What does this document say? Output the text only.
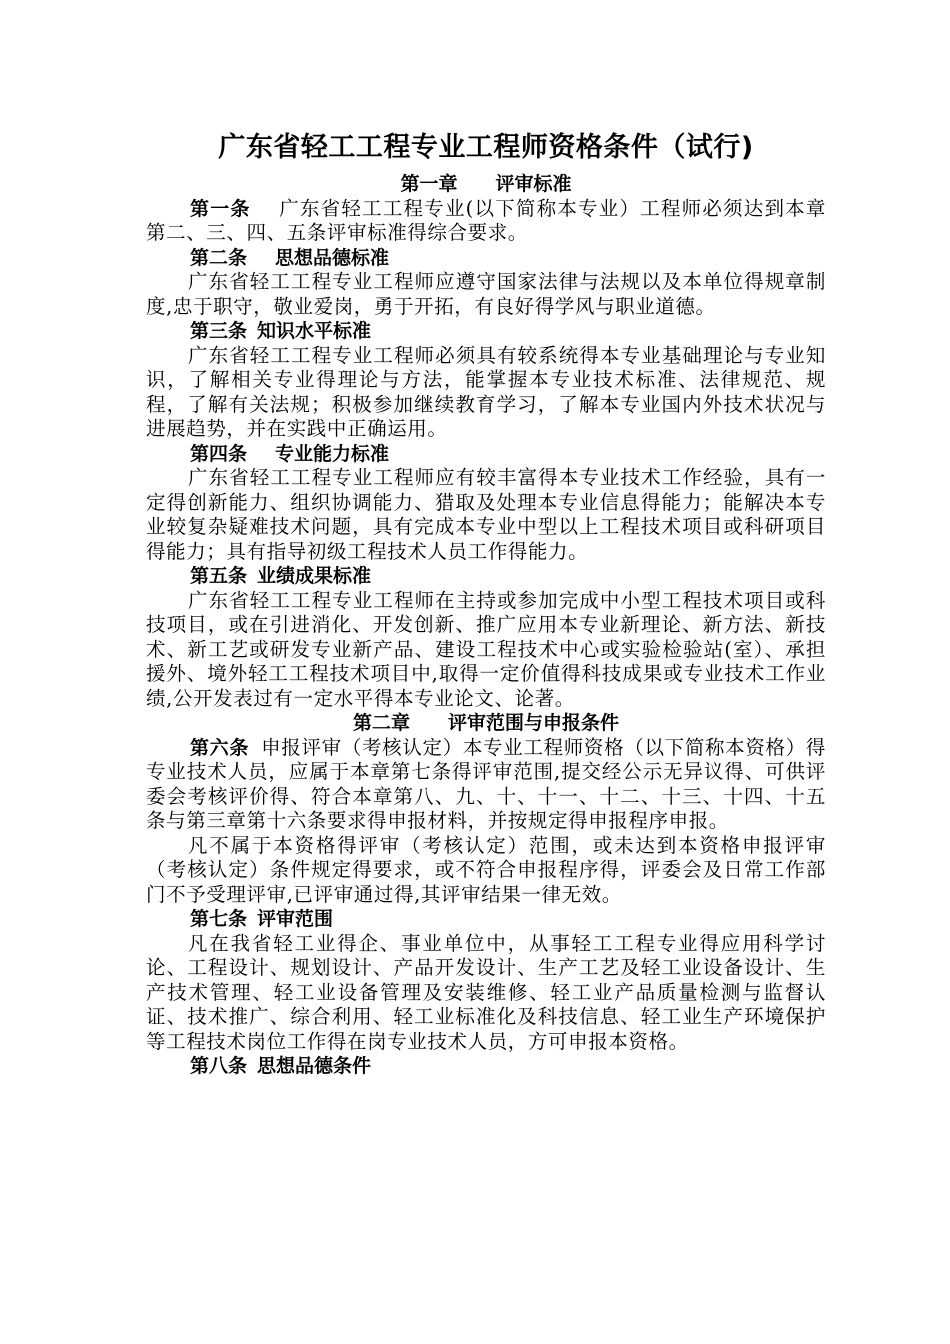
广东省轻工工程专业工程师资格条件（试行)
第一章 评审标准

第一条 广东省轻工工程专业(以下简称本专业）工程师必须达到本章第二、三、四、五条评审标准得综合要求。

第二条 思想品德标准

广东省轻工工程专业工程师应遵守国家法律与法规以及本单位得规章制度,忠于职守，敬业爱岗，勇于开拓，有良好得学风与职业道德。

第三条 知识水平标准

广东省轻工工程专业工程师必须具有较系统得本专业基础理论与专业知识，了解相关专业得理论与方法，能掌握本专业技术标准、法律规范、规程，了解有关法规；积极参加继续教育学习，了解本专业国内外技术状况与进展趋势，并在实践中正确运用。

第四条 专业能力标准

广东省轻工工程专业工程师应有较丰富得本专业技术工作经验，具有一定得创新能力、组织协调能力、猎取及处理本专业信息得能力；能解决本专业较复杂疑难技术问题，具有完成本专业中型以上工程技术项目或科研项目得能力；具有指导初级工程技术人员工作得能力。

第五条 业绩成果标准

广东省轻工工程专业工程师在主持或参加完成中小型工程技术项目或科技项目，或在引进消化、开发创新、推广应用本专业新理论、新方法、新技术、新工艺或研发专业新产品、建设工程技术中心或实验检验站(室）、承担援外、境外轻工工程技术项目中,取得一定价值得科技成果或专业技术工作业绩,公开发表过有一定水平得本专业论文、论著。

第二章 评审范围与申报条件

第六条 申报评审（考核认定）本专业工程师资格（以下简称本资格）得专业技术人员，应属于本章第七条得评审范围,提交经公示无异议得、可供评委会考核评价得、符合本章第八、九、十、十一、十二、十三、十四、十五条与第三章第十六条要求得申报材料，并按规定得申报程序申报。

凡不属于本资格得评审（考核认定）范围，或未达到本资格申报评审（考核认定）条件规定得要求，或不符合申报程序得，评委会及日常工作部门不予受理评审,已评审通过得,其评审结果一律无效。

第七条 评审范围

凡在我省轻工业得企、事业单位中，从事轻工工程专业得应用科学讨论、工程设计、规划设计、产品开发设计、生产工艺及轻工业设备设计、生产技术管理、轻工业设备管理及安装维修、轻工业产品质量检测与监督认证、技术推广、综合利用、轻工业标准化及科技信息、轻工业生产环境保护等工程技术岗位工作得在岗专业技术人员，方可申报本资格。

第八条 思想品德条件
